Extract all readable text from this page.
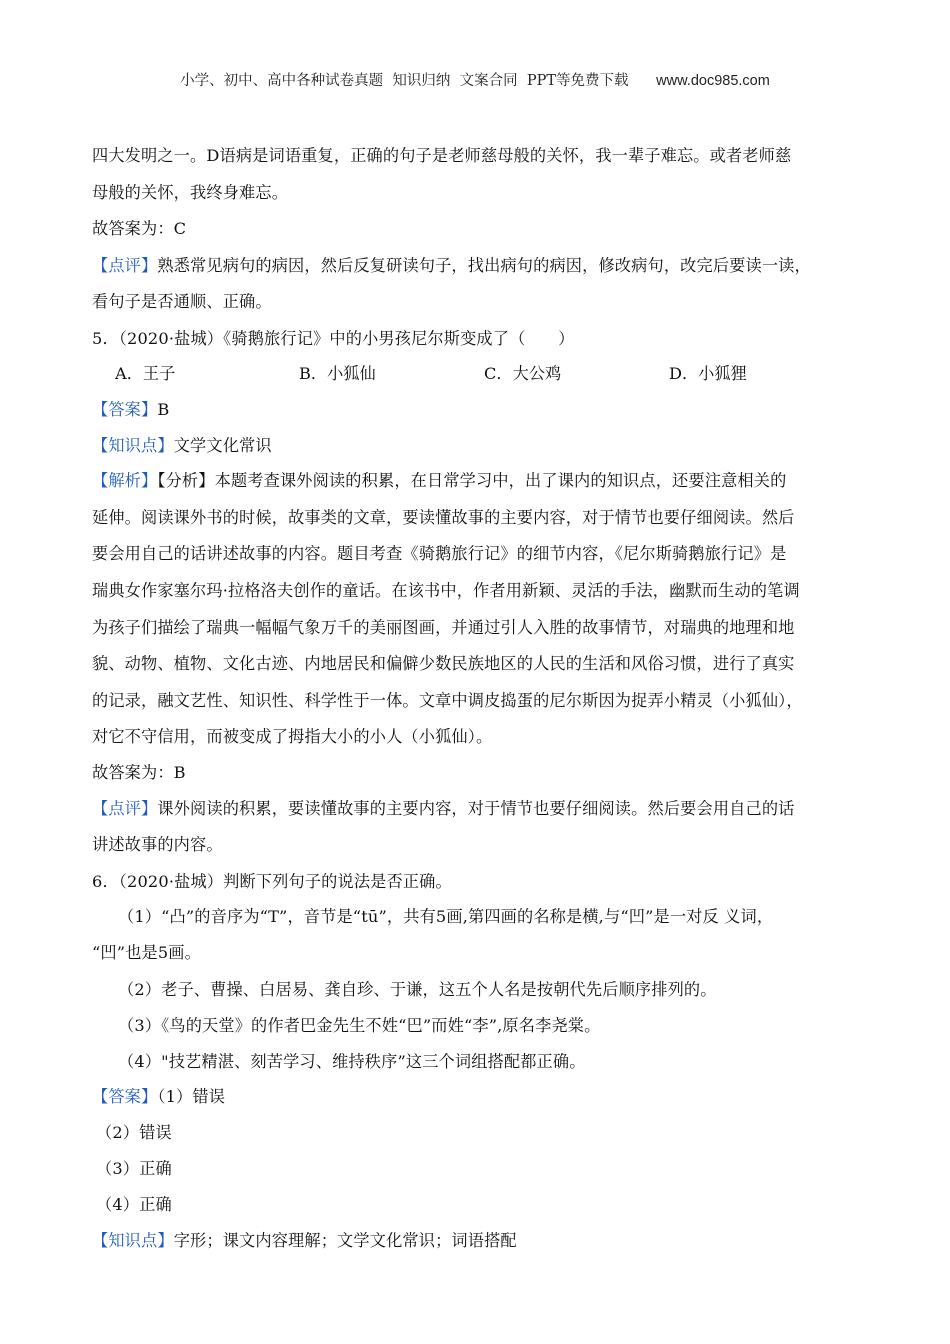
小学、初中、高中各种试卷真题  知识归纳  文案合同  PPT等免费下载 www.doc985.com
四大发明之一。D语病是词语重复，正确的句子是老师慈母般的关怀，我一辈子难忘。或者老师慈
母般的关怀，我终身难忘。
故答案为：C
【点评】熟悉常见病句的病因，然后反复研读句子，找出病句的病因，修改病句，改完后要读一读，
看句子是否通顺、正确。
5．（2020·盐城）《骑鹅旅行记》中的小男孩尼尔斯变成了（　　）
A．王子	B．小狐仙	C．大公鸡	D．小狐狸
【答案】B
【知识点】文学文化常识
【解析】【分析】本题考查课外阅读的积累，在日常学习中，出了课内的知识点，还要注意相关的
延伸。阅读课外书的时候，故事类的文章，要读懂故事的主要内容，对于情节也要仔细阅读。然后
要会用自己的话讲述故事的内容。题目考查《骑鹅旅行记》的细节内容，《尼尔斯骑鹅旅行记》是
瑞典女作家塞尔玛·拉格洛夫创作的童话。在该书中，作者用新颖、灵活的手法，幽默而生动的笔调
为孩子们描绘了瑞典一幅幅气象万千的美丽图画，并通过引人入胜的故事情节，对瑞典的地理和地
貌、动物、植物、文化古迹、内地居民和偏僻少数民族地区的人民的生活和风俗习惯，进行了真实
的记录，融文艺性、知识性、科学性于一体。文章中调皮捣蛋的尼尔斯因为捉弄小精灵（小狐仙），
对它不守信用，而被变成了拇指大小的小人（小狐仙）。
故答案为：B
【点评】课外阅读的积累，要读懂故事的主要内容，对于情节也要仔细阅读。然后要会用自己的话
讲述故事的内容。
6．（2020·盐城）判断下列句子的说法是否正确。
（1）“凸”的音序为“T”，音节是“tū”，共有5画,第四画的名称是横,与“凹”是一对反 义词，
“凹”也是5画。
（2）老子、曹操、白居易、龚自珍、于谦，这五个人名是按朝代先后顺序排列的。
（3）《鸟的天堂》的作者巴金先生不姓“巴”而姓“李”,原名李尧棠。
（4）"技艺精湛、刻苦学习、维持秩序”这三个词组搭配都正确。
【答案】（1）错误
（2）错误
（3）正确
（4）正确
【知识点】字形；课文内容理解；文学文化常识；词语搭配
